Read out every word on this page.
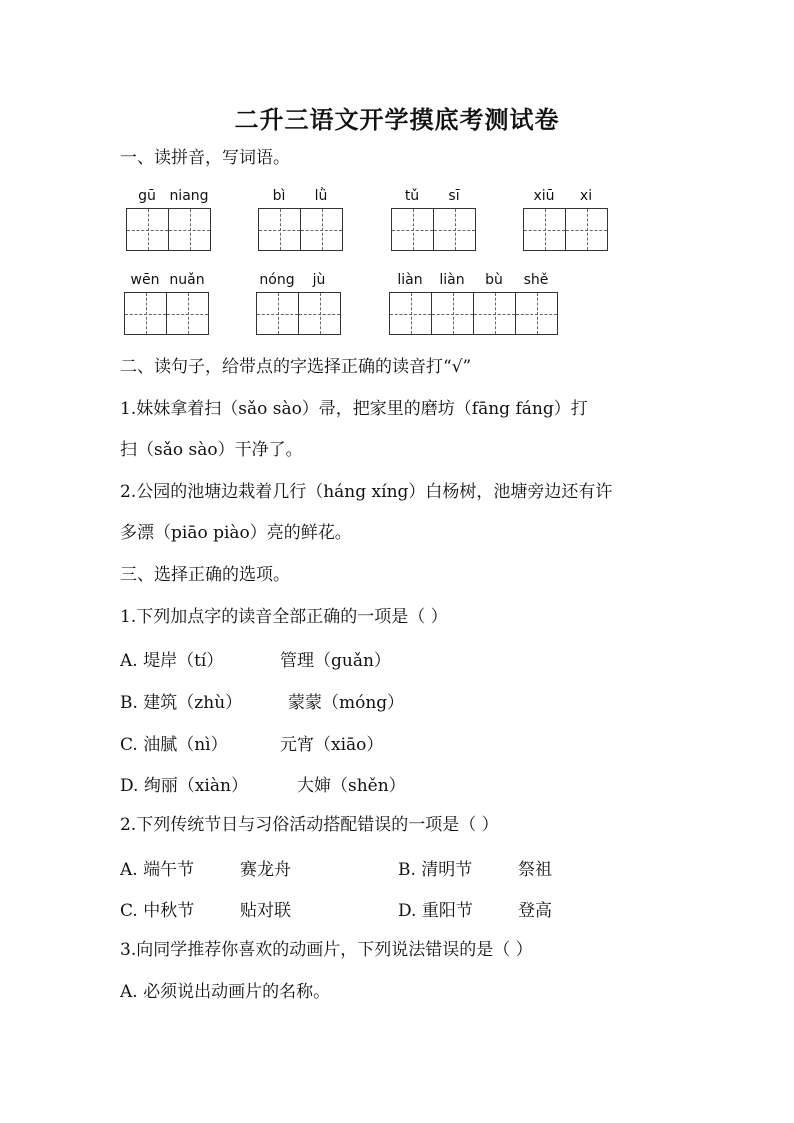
二升三语文开学摸底考测试卷
一、读拼音，写词语。
gū niang	bì	lǜ	tǔ	sī	xiū	xi
wēn nuǎn	nóng	jù	liàn	liàn	bù	shě
二、读句子，给带点的字选择正确的读音打“√”
1.妹妹拿着扫（sǎo sào）帚，把家里的磨坊（fāng fáng）打
扫（sǎo sào）干净了。
2.公园的池塘边栽着几行（háng xíng）白杨树，池塘旁边还有许
多漂（piāo piào）亮的鲜花。
三、选择正确的选项。
1.下列加点字的读音全部正确的一项是（ ）
A. 堤岸（tí）	管理（guǎn）
B. 建筑（zhù）	蒙蒙（móng）
C. 油腻（nì）	元宵（xiāo）
D. 绚丽（xiàn）	大婶（shěn）
2.下列传统节日与习俗活动搭配错误的一项是（ ）
A. 端午节	赛龙舟	B. 清明节	祭祖
C. 中秋节	贴对联	D. 重阳节	登高
3.向同学推荐你喜欢的动画片，下列说法错误的是（ ）
A. 必须说出动画片的名称。
